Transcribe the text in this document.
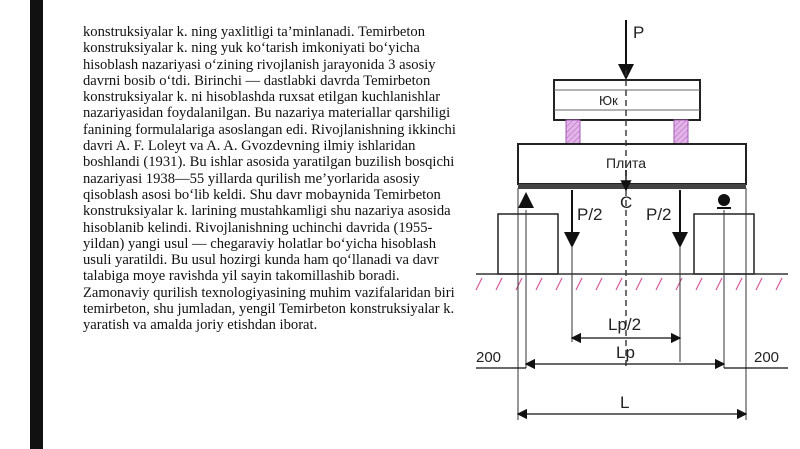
konstruksiyalar k. ning yaxlitligi ta’minlanadi. Temirbeton konstruksiyalar k. ning yuk ko‘tarish imkoniyati bo‘yicha hisoblash nazariyasi o‘zining rivojlanish jarayonida 3 asosiy davrni bosib o‘tdi. Birinchi — dastlabki davrda Temirbeton konstruksiyalar k. ni hisoblashda ruxsat etilgan kuchlanishlar nazariyasidan foydalanilgan. Bu nazariya materiallar qarshiligi fanining formulalariga asoslangan edi. Rivojlanishning ikkinchi davri A. F. Loleyt va A. A. Gvozdevning ilmiy ishlaridan boshlandi (1931). Bu ishlar asosida yaratilgan buzilish bosqichi nazariyasi 1938—55 yillarda qurilish me’yorlarida asosiy qisoblash asosi bo‘lib keldi. Shu davr mobaynida Temirbeton konstruksiyalar k. larining mustahkamligi shu nazariya asosida hisoblanib kelindi. Rivojlanishning uchinchi davrida (1955-yildan) yangi usul — chegaraviy holatlar bo‘yicha hisoblash usuli yaratildi. Bu usul hozirgi kunda ham qo‘llanadi va davr talabiga moye ravishda yil sayin takomillashib boradi. Zamonaviy qurilish texnologiyasining muhim vazifalaridan biri temirbeton, shu jumladan, yengil Temirbeton konstruksiyalar k. yaratish va amalda joriy etishdan iborat.

P
Юк
Плита
C
P/2	P/2
Lp/2
Lp
200	200
L
